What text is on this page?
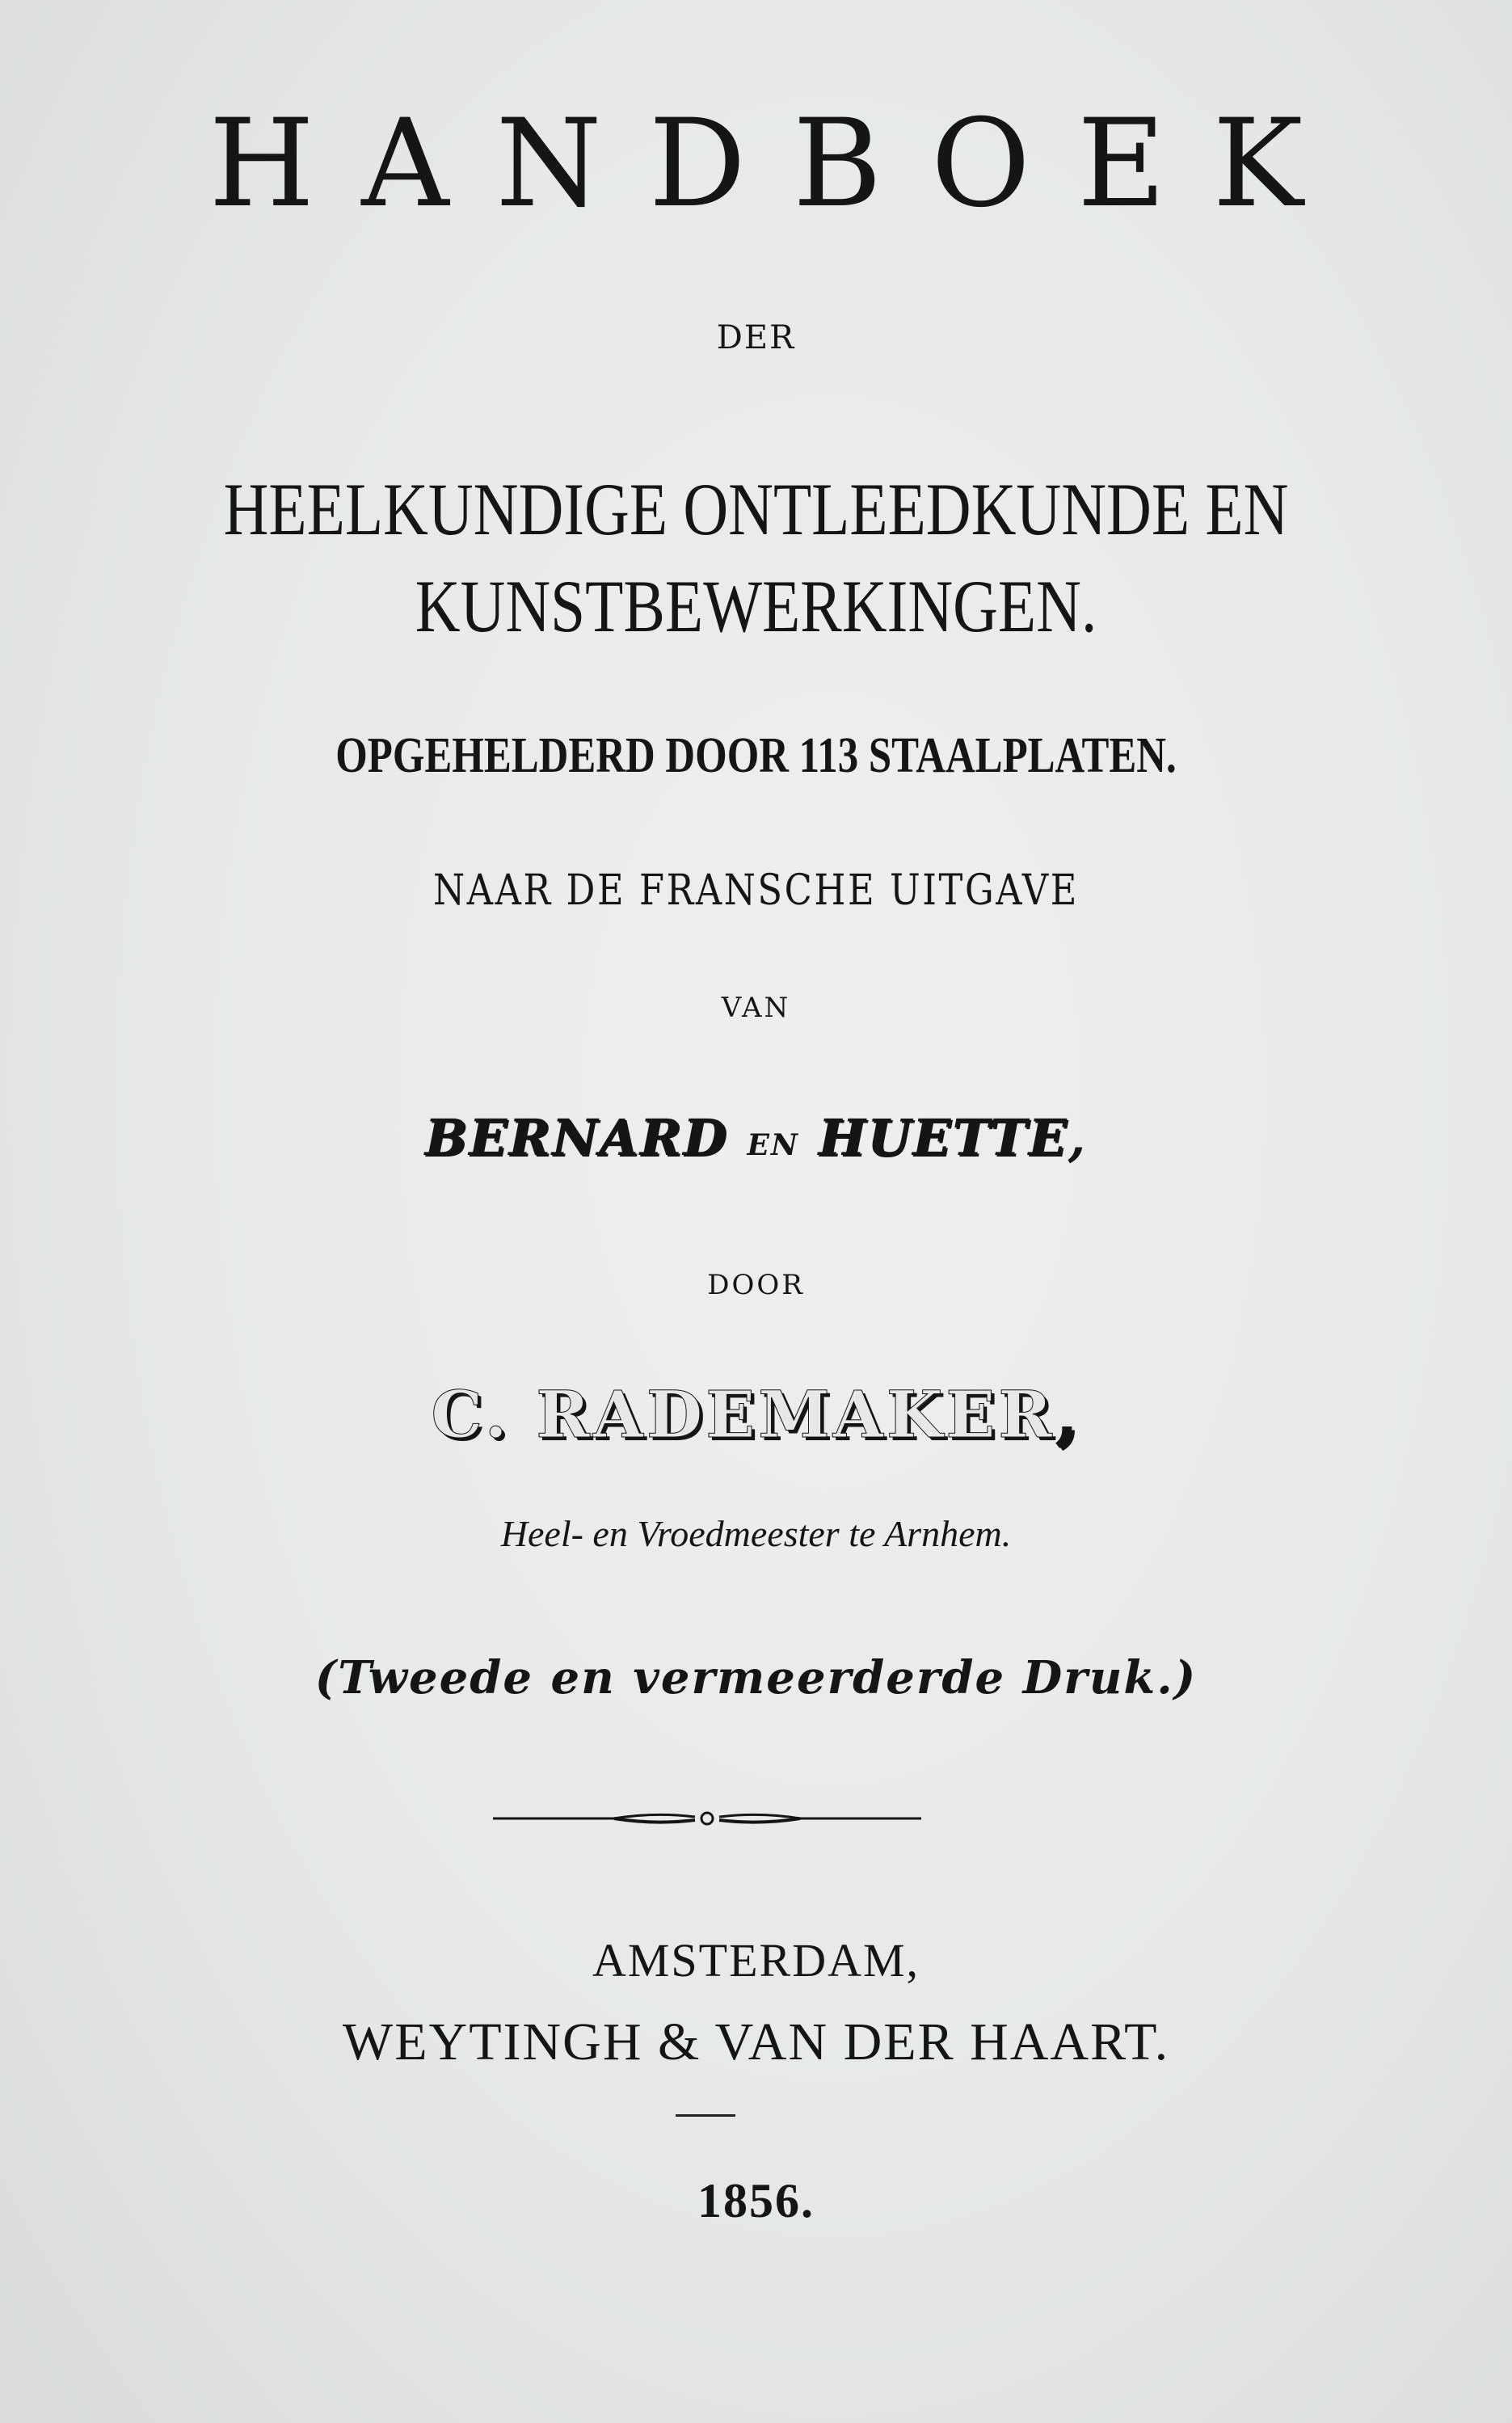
HANDBOEK
DER
HEELKUNDIGE ONTLEEDKUNDE EN
KUNSTBEWERKINGEN.
OPGEHELDERD DOOR 113 STAALPLATEN.
NAAR DE FRANSCHE UITGAVE
VAN
BERNARD EN HUETTE,
DOOR
C. RADEMAKER,
Heel- en Vroedmeester te Arnhem.
(Tweede en vermeerderde Druk.)
AMSTERDAM,
WEYTINGH & VAN DER HAART.
1856.
